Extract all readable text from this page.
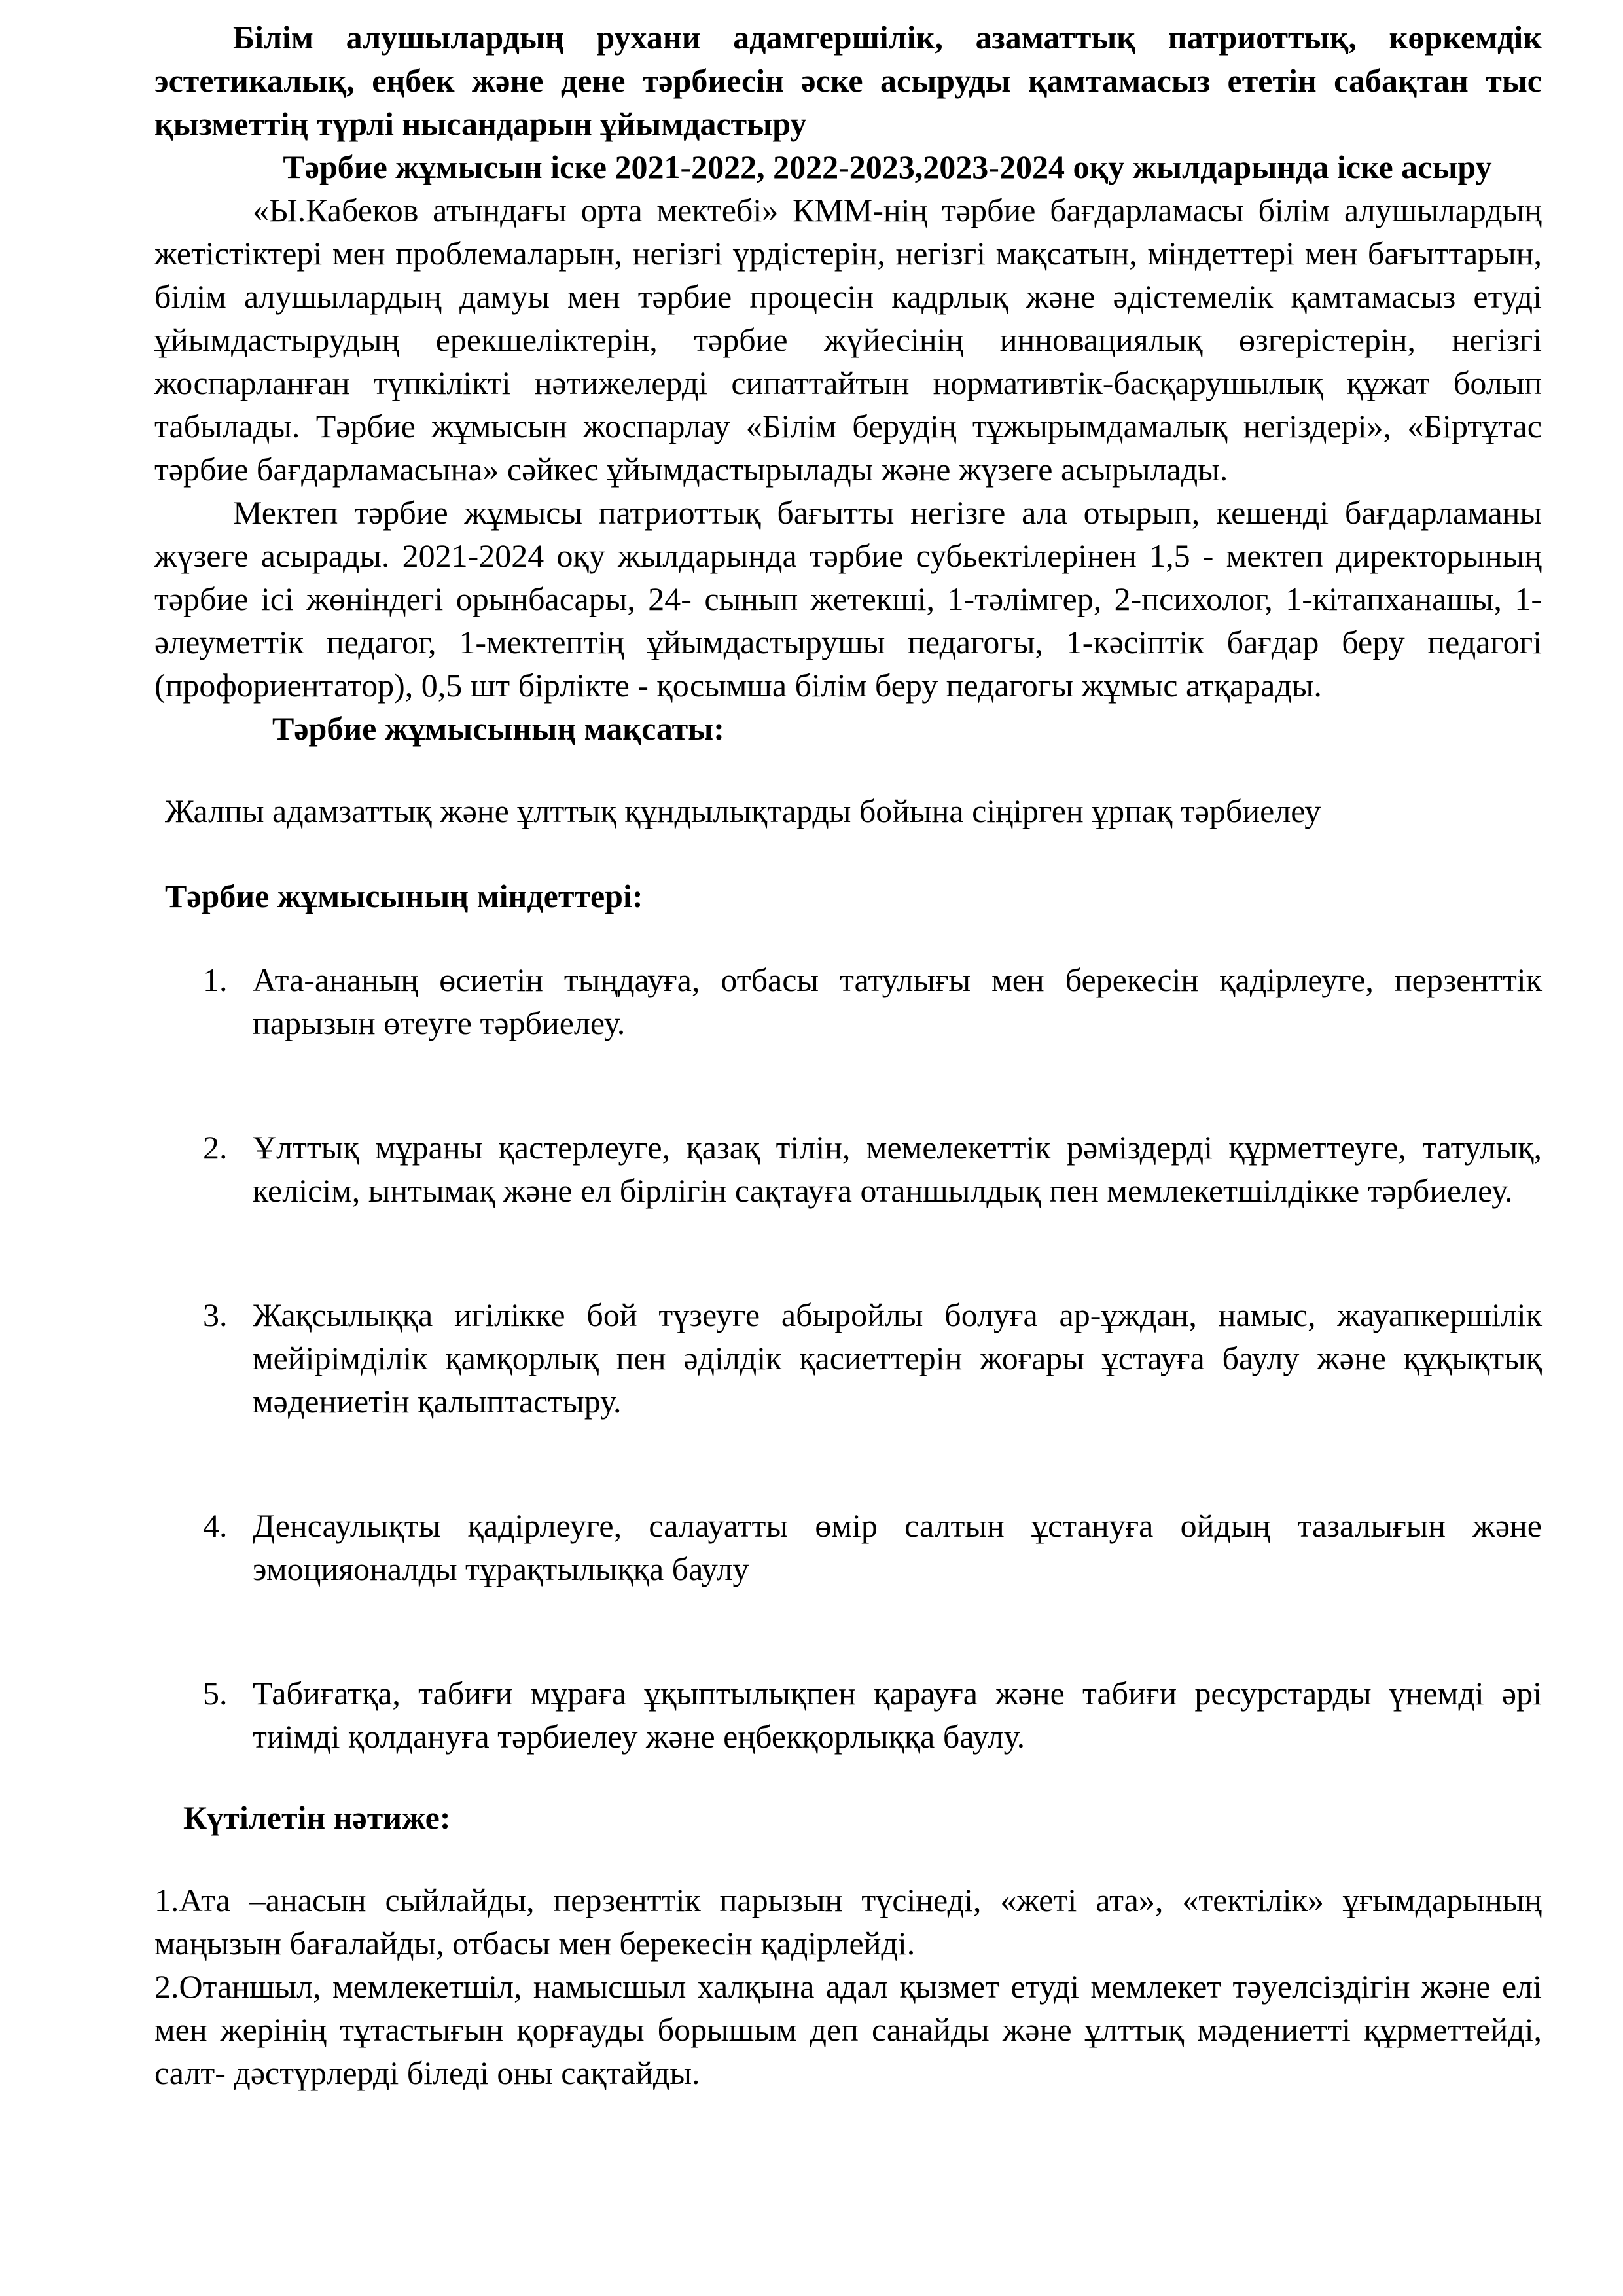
Білім алушылардың рухани адамгершілік, азаматтық патриоттық, көркемдік эстетикалық, еңбек және дене тәрбиесін әске асыруды қамтамасыз ететін сабақтан тыс қызметтің түрлі нысандарын ұйымдастыру

Тәрбие жұмысын іске 2021-2022, 2022-2023,2023-2024 оқу жылдарында іске асыру

«Ы.Кабеков атындағы орта мектебі» КММ-нің тәрбие бағдарламасы білім алушылардың жетістіктері мен проблемаларын, негізгі үрдістерін, негізгі мақсатын, міндеттері мен бағыттарын, білім алушылардың дамуы мен тәрбие процесін кадрлық және әдістемелік қамтамасыз етуді ұйымдастырудың ерекшеліктерін, тәрбие жүйесінің инновациялық өзгерістерін, негізгі жоспарланған түпкілікті нәтижелерді сипаттайтын нормативтік-басқарушылық құжат болып табылады. Тәрбие жұмысын жоспарлау «Білім берудің тұжырымдамалық негіздері», «Біртұтас тәрбие бағдарламасына» сәйкес ұйымдастырылады және жүзеге асырылады.

Мектеп тәрбие жұмысы патриоттық бағытты негізге ала отырып, кешенді бағдарламаны жүзеге асырады. 2021-2024 оқу жылдарында тәрбие субьектілерінен 1,5 - мектеп директорының тәрбие ісі жөніндегі орынбасары, 24- сынып жетекші, 1-тәлімгер, 2-психолог, 1-кітапханашы, 1-әлеуметтік педагог, 1-мектептің ұйымдастырушы педагогы, 1-кәсіптік бағдар беру педагогі (профориентатор), 0,5 шт бірлікте - қосымша білім беру педагогы жұмыс атқарады.

Тәрбие жұмысының мақсаты:

Жалпы адамзаттық және ұлттық құндылықтарды бойына сіңірген ұрпақ тәрбиелеу

Тәрбие жұмысының міндеттері:

1. Ата-ананың өсиетін тыңдауға, отбасы татулығы мен берекесін қадірлеуге, перзенттік парызын өтеуге тәрбиелеу.
2. Ұлттық мұраны қастерлеуге, қазақ тілін, мемелекеттік рәміздерді құрметтеуге, татулық, келісім, ынтымақ және ел бірлігін сақтауға отаншылдық пен мемлекетшілдікке тәрбиелеу.
3. Жақсылыққа игілікке бой түзеуге абыройлы болуға ар-ұждан, намыс, жауапкершілік мейірімділік қамқорлық пен әділдік қасиеттерін жоғары ұстауға баулу және құқықтық мәдениетін қалыптастыру.
4. Денсаулықты қадірлеуге, салауатты өмір салтын ұстануға ойдың тазалығын және эмоцияоналды тұрақтылыққа баулу
5. Табиғатқа, табиғи мұраға ұқыптылықпен қарауға және табиғи ресурстарды үнемді әрі тиімді қолдануға тәрбиелеу және еңбекқорлыққа баулу.

Күтілетін нәтиже:

1.Ата –анасын сыйлайды, перзенттік парызын түсінеді, «жеті ата», «тектілік» ұғымдарының маңызын бағалайды, отбасы мен берекесін қадірлейді.

2.Отаншыл, мемлекетшіл, намысшыл халқына адал қызмет етуді мемлекет тәуелсіздігін және елі мен жерінің тұтастығын қорғауды борышым деп санайды және ұлттық мәдениетті құрметтейді, салт- дәстүрлерді біледі оны сақтайды.
